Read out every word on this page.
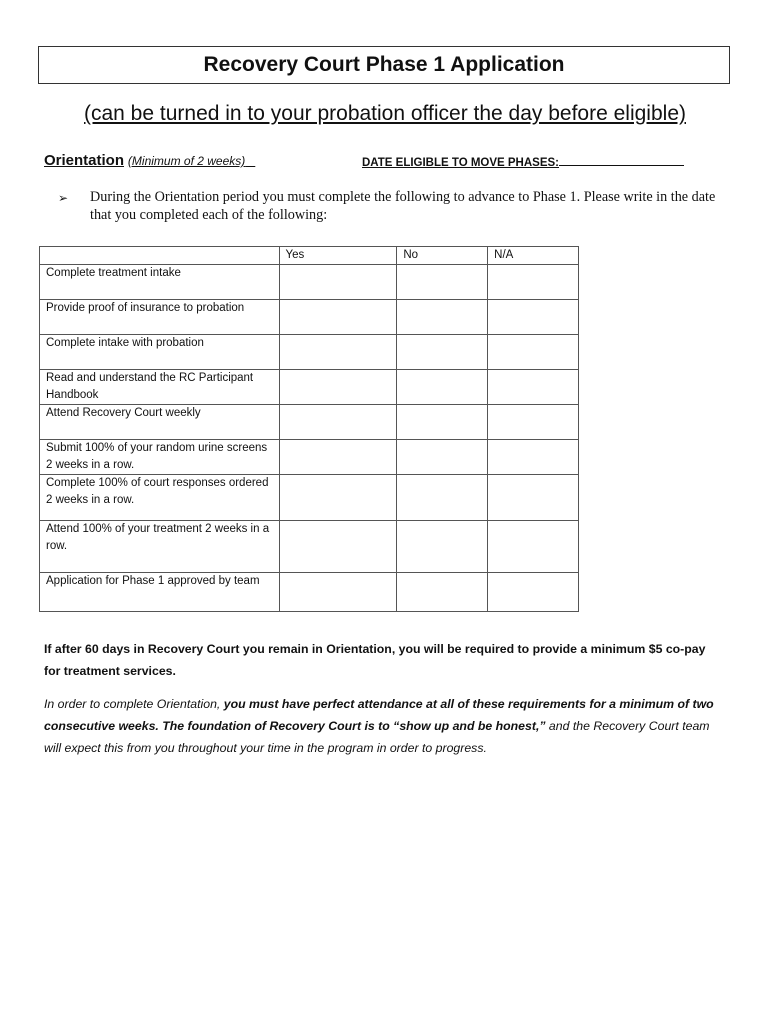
Recovery Court Phase 1 Application
(can be turned in to your probation officer the day before eligible)
Orientation (Minimum of 2 weeks)	DATE ELIGIBLE TO MOVE PHASES:
➢	During the Orientation period you must complete the following to advance to Phase 1. Please write in the date that you completed each of the following:
	Yes	No	N/A
Complete treatment intake			
Provide proof of insurance to probation			
Complete intake with probation			
Read and understand the RC Participant Handbook			
Attend Recovery Court weekly			
Submit 100% of your random urine screens 2 weeks in a row.			
Complete 100% of court responses ordered 2 weeks in a row.			
Attend 100% of your treatment 2 weeks in a row.			
Application for Phase 1 approved by team			
If after 60 days in Recovery Court you remain in Orientation, you will be required to provide a minimum $5 co-pay for treatment services.
In order to complete Orientation, you must have perfect attendance at all of these requirements for a minimum of two consecutive weeks. The foundation of Recovery Court is to “show up and be honest,” and the Recovery Court team will expect this from you throughout your time in the program in order to progress.
